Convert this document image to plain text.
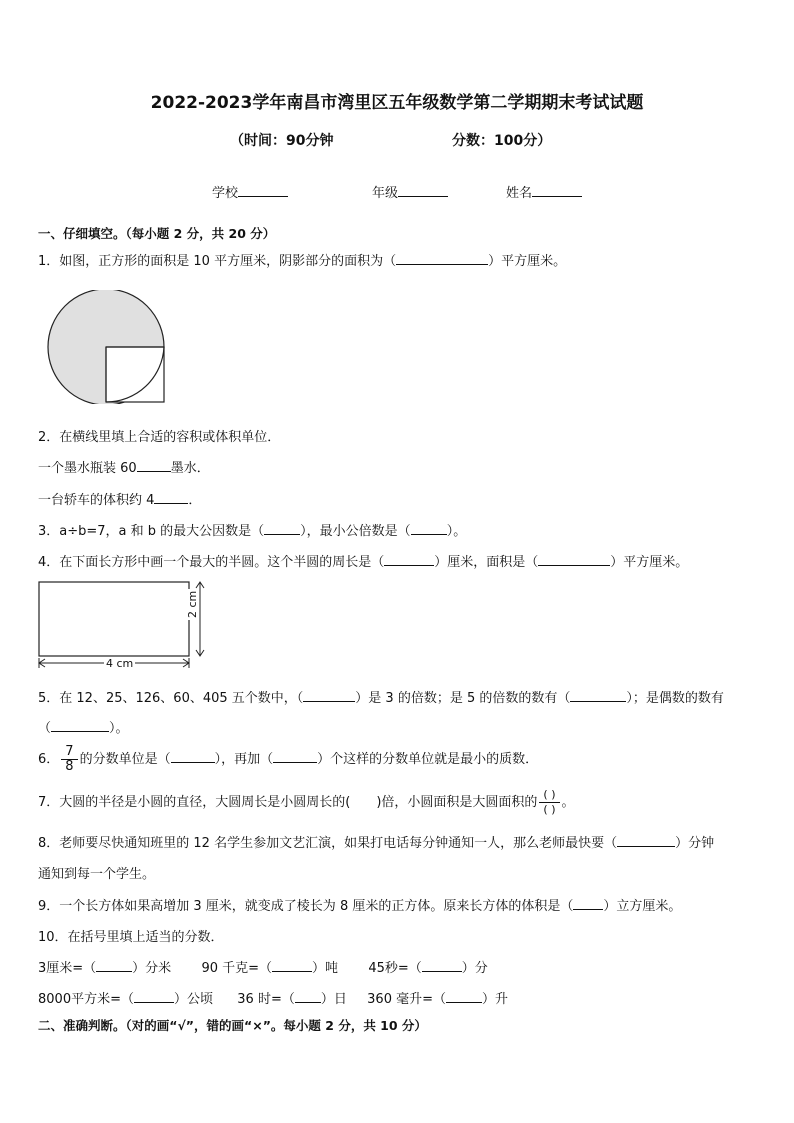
2022-2023学年南昌市湾里区五年级数学第二学期期末考试试题
（时间：90分钟	分数：100分）
学校	年级	姓名
一、仔细填空。（每小题 2 分，共 20 分）
1．如图，正方形的面积是 10 平方厘米，阴影部分的面积为（	）平方厘米。
2．在横线里填上合适的容积或体积单位．
一个墨水瓶装 60	墨水．
一台轿车的体积约 4	．
3．a÷b=7，a 和 b 的最大公因数是（	），最小公倍数是（	）。
4．在下面长方形中画一个最大的半圆。这个半圆的周长是（	）厘米，面积是（	）平方厘米。
4 cm
2 cm
5．在 12、25、126、60、405 五个数中，（	）是 3 的倍数；是 5 的倍数的数有（	）；是偶数的数有
（	）。
6． $\frac{7}{8}$ 的分数单位是（	），再加（	）个这样的分数单位就是最小的质数．
7．大圆的半径是小圆的直径，大圆周长是小圆周长的( )倍，小圆面积是大圆面积的 $\frac{( )}{( )}$ 。
8．老师要尽快通知班里的 12 名学生参加文艺汇演，如果打电话每分钟通知一人，那么老师最快要（	）分钟
通知到每一个学生。
9．一个长方体如果高增加 3 厘米，就变成了棱长为 8 厘米的正方体。原来长方体的体积是（ ）立方厘米。
10．在括号里填上适当的分数．
3厘米=（	）分米 90 千克=（	）吨 45秒=（	）分
8000平方米=（	）公顷 36 时=（ ）日 360 毫升=（	）升
二、准确判断。（对的画“√”，错的画“×”。每小题 2 分，共 10 分）
